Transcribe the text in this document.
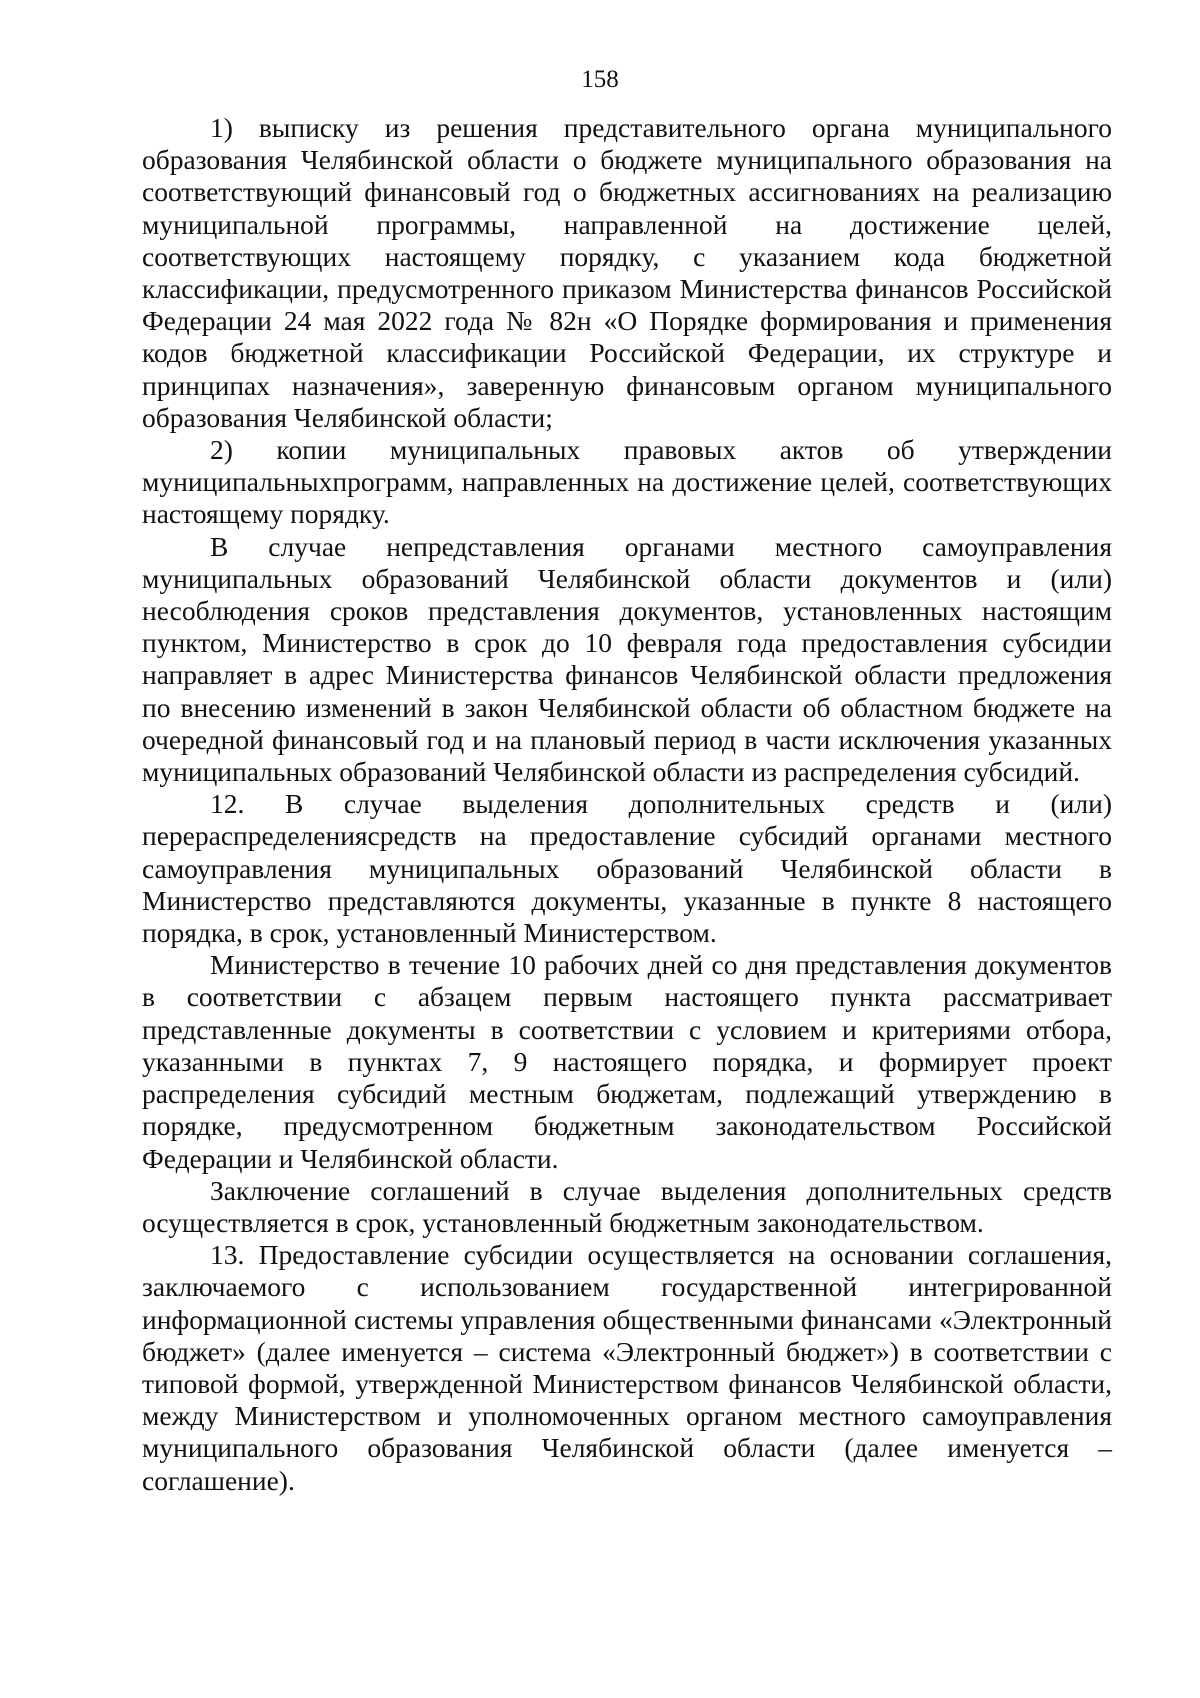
158

1) выписку из решения представительного органа муниципального образования Челябинской области о бюджете муниципального образования на соответствующий финансовый год о бюджетных ассигнованиях на реализацию муниципальной программы, направленной на достижение целей, соответствующих настоящему порядку, с указанием кода бюджетной классификации, предусмотренного приказом Министерства финансов Российской Федерации 24 мая 2022 года № 82н «О Порядке формирования и применения кодов бюджетной классификации Российской Федерации, их структуре и принципах назначения», заверенную финансовым органом муниципального образования Челябинской области;

2) копии муниципальных правовых актов об утверждении муниципальныхпрограмм, направленных на достижение целей, соответствующих настоящему порядку.

В случае непредставления органами местного самоуправления муниципальных образований Челябинской области документов и (или) несоблюдения сроков представления документов, установленных настоящим пунктом, Министерство в срок до 10 февраля года предоставления субсидии направляет в адрес Министерства финансов Челябинской области предложения по внесению изменений в закон Челябинской области об областном бюджете на очередной финансовый год и на плановый период в части исключения указанных муниципальных образований Челябинской области из распределения субсидий.

12. В случае выделения дополнительных средств и (или) перераспределениясредств на предоставление субсидий органами местного самоуправления муниципальных образований Челябинской области в Министерство представляются документы, указанные в пункте 8 настоящего порядка, в срок, установленный Министерством.

Министерство в течение 10 рабочих дней со дня представления документов в соответствии с абзацем первым настоящего пункта рассматривает представленные документы в соответствии с условием и критериями отбора, указанными в пунктах 7, 9 настоящего порядка, и формирует проект распределения субсидий местным бюджетам, подлежащий утверждению в порядке, предусмотренном бюджетным законодательством Российской Федерации и Челябинской области.

Заключение соглашений в случае выделения дополнительных средств осуществляется в срок, установленный бюджетным законодательством.

13. Предоставление субсидии осуществляется на основании соглашения, заключаемого с использованием государственной интегрированной информационной системы управления общественными финансами «Электронный бюджет» (далее именуется – система «Электронный бюджет») в соответствии с типовой формой, утвержденной Министерством финансов Челябинской области, между Министерством и уполномоченных органом местного самоуправления муниципального образования Челябинской области (далее именуется – соглашение).
